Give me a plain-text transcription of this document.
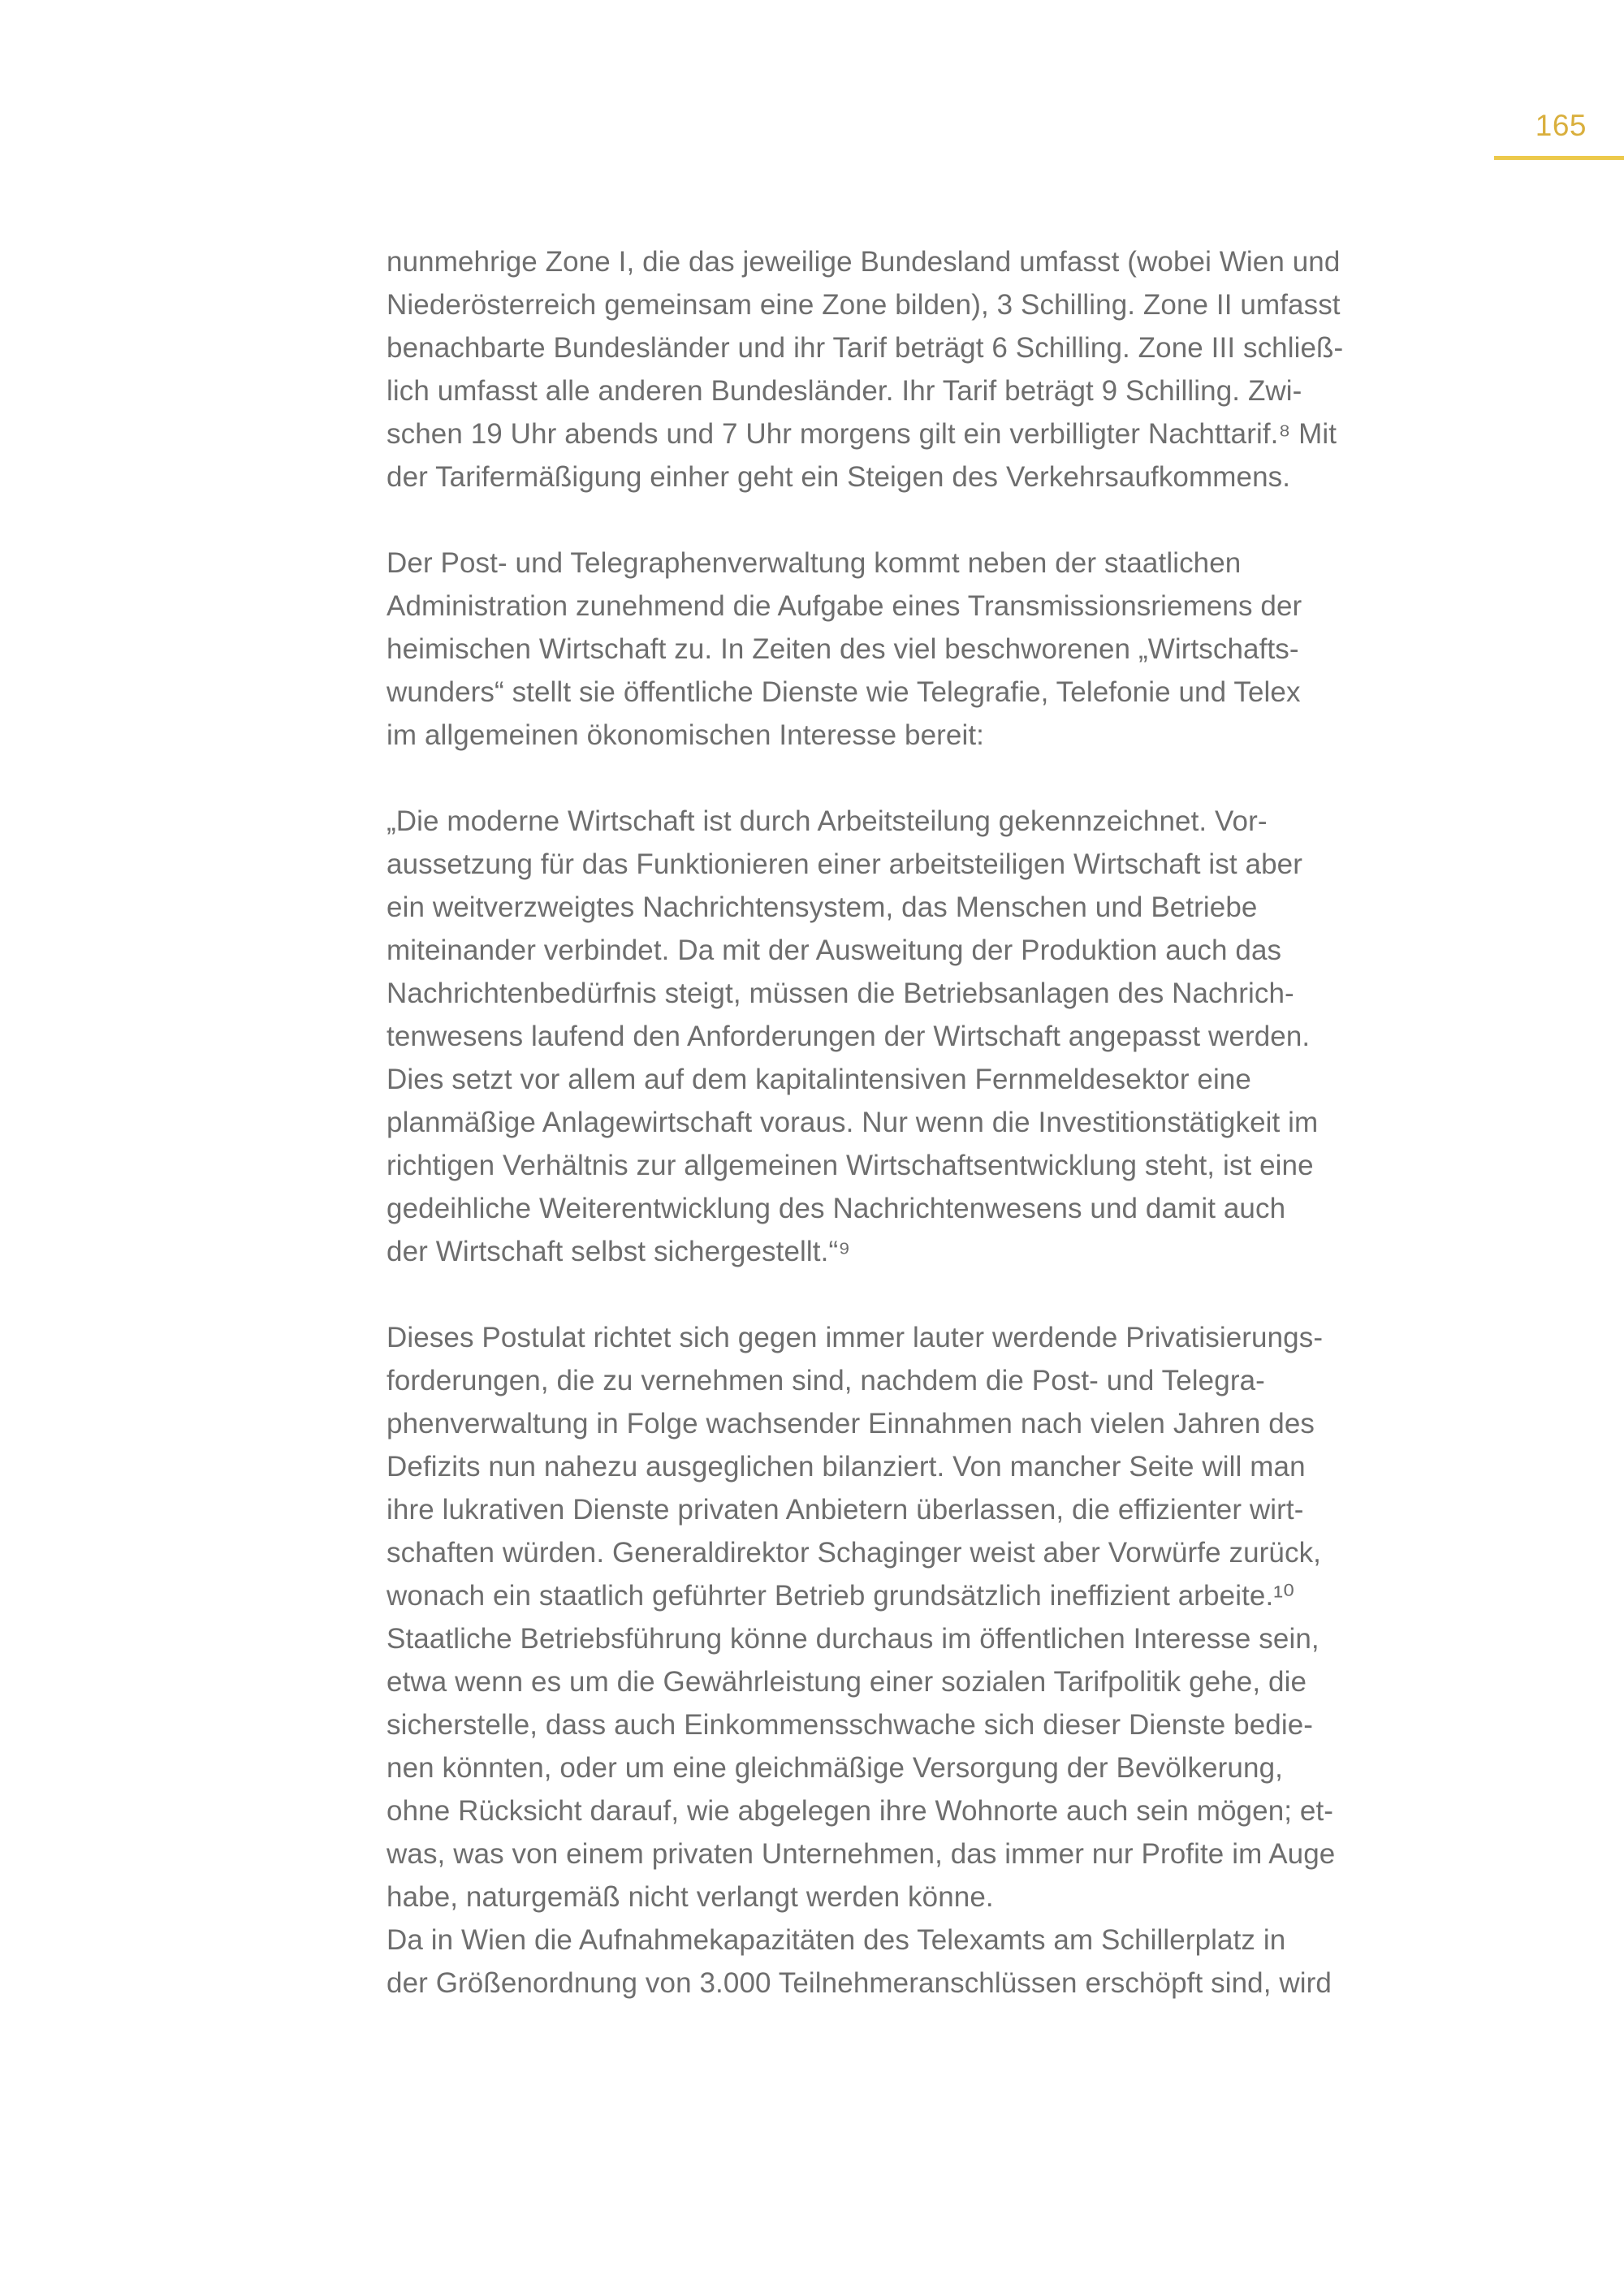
165

nunmehrige Zone I, die das jeweilige Bundesland umfasst (wobei Wien und
Niederösterreich gemeinsam eine Zone bilden), 3 Schilling. Zone II umfasst
benachbarte Bundesländer und ihr Tarif beträgt 6 Schilling. Zone III schließ-
lich umfasst alle anderen Bundesländer. Ihr Tarif beträgt 9 Schilling. Zwi-
schen 19 Uhr abends und 7 Uhr morgens gilt ein verbilligter Nachttarif.⁸ Mit
der Tarifermäßigung einher geht ein Steigen des Verkehrsaufkommens.

Der Post- und Telegraphenverwaltung kommt neben der staatlichen
Administration zunehmend die Aufgabe eines Transmissionsriemens der
heimischen Wirtschaft zu. In Zeiten des viel beschworenen „Wirtschafts-
wunders“ stellt sie öffentliche Dienste wie Telegrafie, Telefonie und Telex
im allgemeinen ökonomischen Interesse bereit:

„Die moderne Wirtschaft ist durch Arbeitsteilung gekennzeichnet. Vor-
aussetzung für das Funktionieren einer arbeitsteiligen Wirtschaft ist aber
ein weitverzweigtes Nachrichtensystem, das Menschen und Betriebe
miteinander verbindet. Da mit der Ausweitung der Produktion auch das
Nachrichtenbedürfnis steigt, müssen die Betriebsanlagen des Nachrich-
tenwesens laufend den Anforderungen der Wirtschaft angepasst werden.
Dies setzt vor allem auf dem kapitalintensiven Fernmeldesektor eine
planmäßige Anlagewirtschaft voraus. Nur wenn die Investitionstätigkeit im
richtigen Verhältnis zur allgemeinen Wirtschaftsentwicklung steht, ist eine
gedeihliche Weiterentwicklung des Nachrichtenwesens und damit auch
der Wirtschaft selbst sichergestellt.“⁹

Dieses Postulat richtet sich gegen immer lauter werdende Privatisierungs-
forderungen, die zu vernehmen sind, nachdem die Post- und Telegra-
phenverwaltung in Folge wachsender Einnahmen nach vielen Jahren des
Defizits nun nahezu ausgeglichen bilanziert. Von mancher Seite will man
ihre lukrativen Dienste privaten Anbietern überlassen, die effizienter wirt-
schaften würden. Generaldirektor Schaginger weist aber Vorwürfe zurück,
wonach ein staatlich geführter Betrieb grundsätzlich ineffizient arbeite.¹⁰
Staatliche Betriebsführung könne durchaus im öffentlichen Interesse sein,
etwa wenn es um die Gewährleistung einer sozialen Tarifpolitik gehe, die
sicherstelle, dass auch Einkommensschwache sich dieser Dienste bedie-
nen könnten, oder um eine gleichmäßige Versorgung der Bevölkerung,
ohne Rücksicht darauf, wie abgelegen ihre Wohnorte auch sein mögen; et-
was, was von einem privaten Unternehmen, das immer nur Profite im Auge
habe, naturgemäß nicht verlangt werden könne.
Da in Wien die Aufnahmekapazitäten des Telexamts am Schillerplatz in
der Größenordnung von 3.000 Teilnehmeranschlüssen erschöpft sind, wird
